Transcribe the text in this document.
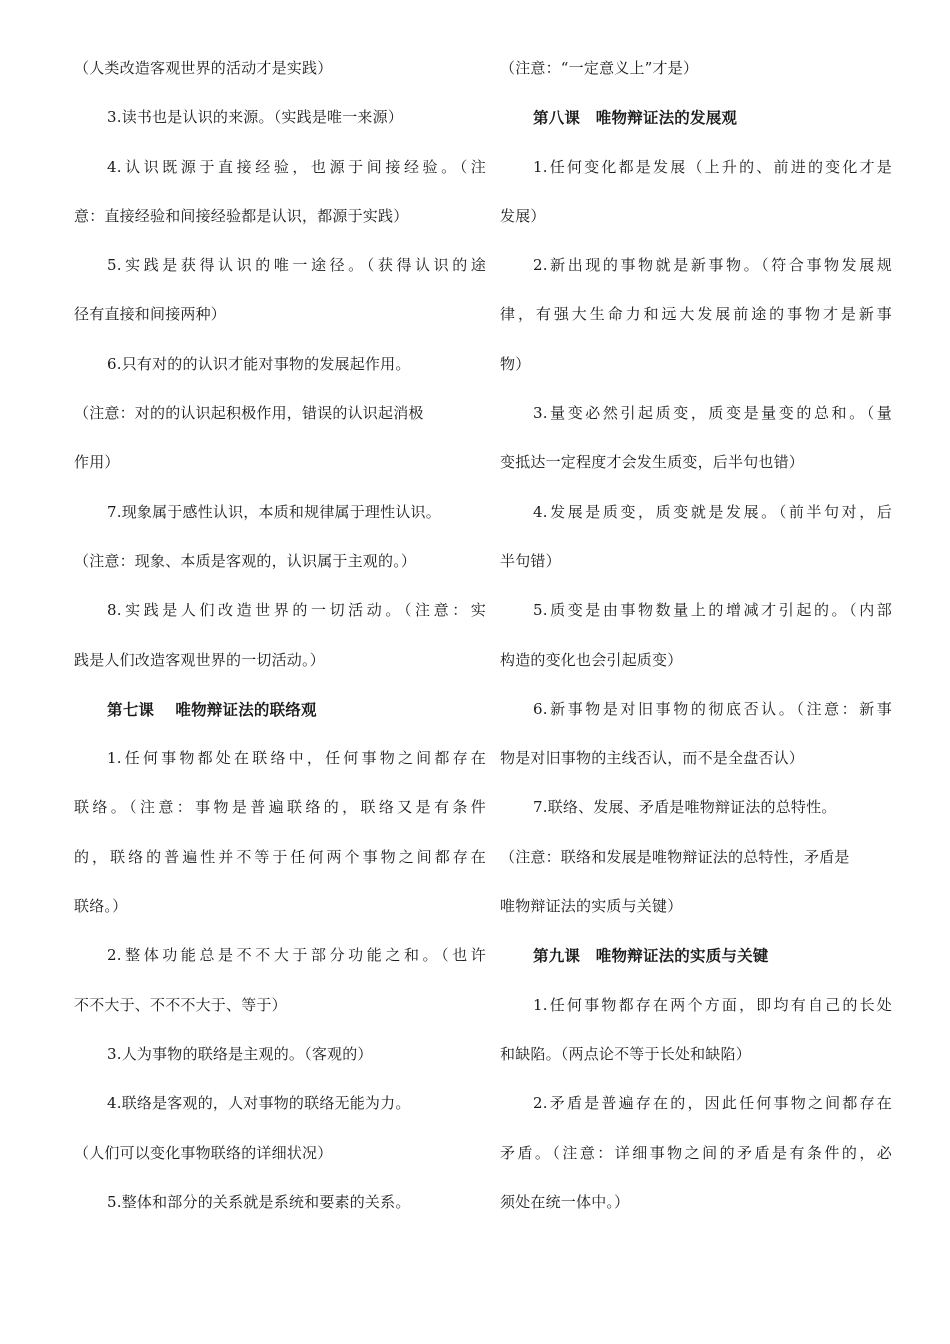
（人类改造客观世界的活动才是实践）
3.读书也是认识的来源。（实践是唯一来源）
4.认识既源于直接经验，也源于间接经验。（注
意：直接经验和间接经验都是认识，都源于实践）
5.实践是获得认识的唯一途径。（获得认识的途
径有直接和间接两种）
6.只有对的的认识才能对事物的发展起作用。
（注意：对的的认识起积极作用，错误的认识起消极
作用）
7.现象属于感性认识，本质和规律属于理性认识。
（注意：现象、本质是客观的，认识属于主观的。）
8.实践是人们改造世界的一切活动。（注意：实
践是人们改造客观世界的一切活动。）
第七课　 唯物辩证法的联络观
1.任何事物都处在联络中，任何事物之间都存在
联络。（注意：事物是普遍联络的，联络又是有条件
的，联络的普遍性并不等于任何两个事物之间都存在
联络。）
2.整体功能总是不不大于部分功能之和。（也许
不不大于、不不不大于、等于）
3.人为事物的联络是主观的。（客观的）
4.联络是客观的，人对事物的联络无能为力。
（人们可以变化事物联络的详细状况）
5.整体和部分的关系就是系统和要素的关系。
（注意：“一定意义上”才是）
第八课　唯物辩证法的发展观
1.任何变化都是发展（上升的、前进的变化才是
发展）
2.新出现的事物就是新事物。（符合事物发展规
律，有强大生命力和远大发展前途的事物才是新事
物）
3.量变必然引起质变，质变是量变的总和。（量
变抵达一定程度才会发生质变，后半句也错）
4.发展是质变，质变就是发展。（前半句对，后
半句错）
5.质变是由事物数量上的增减才引起的。（内部
构造的变化也会引起质变）
6.新事物是对旧事物的彻底否认。（注意：新事
物是对旧事物的主线否认，而不是全盘否认）
7.联络、发展、矛盾是唯物辩证法的总特性。
（注意：联络和发展是唯物辩证法的总特性，矛盾是
唯物辩证法的实质与关键）
第九课　唯物辩证法的实质与关键
1.任何事物都存在两个方面，即均有自己的长处
和缺陷。（两点论不等于长处和缺陷）
2.矛盾是普遍存在的，因此任何事物之间都存在
矛盾。（注意：详细事物之间的矛盾是有条件的，必
须处在统一体中。）
